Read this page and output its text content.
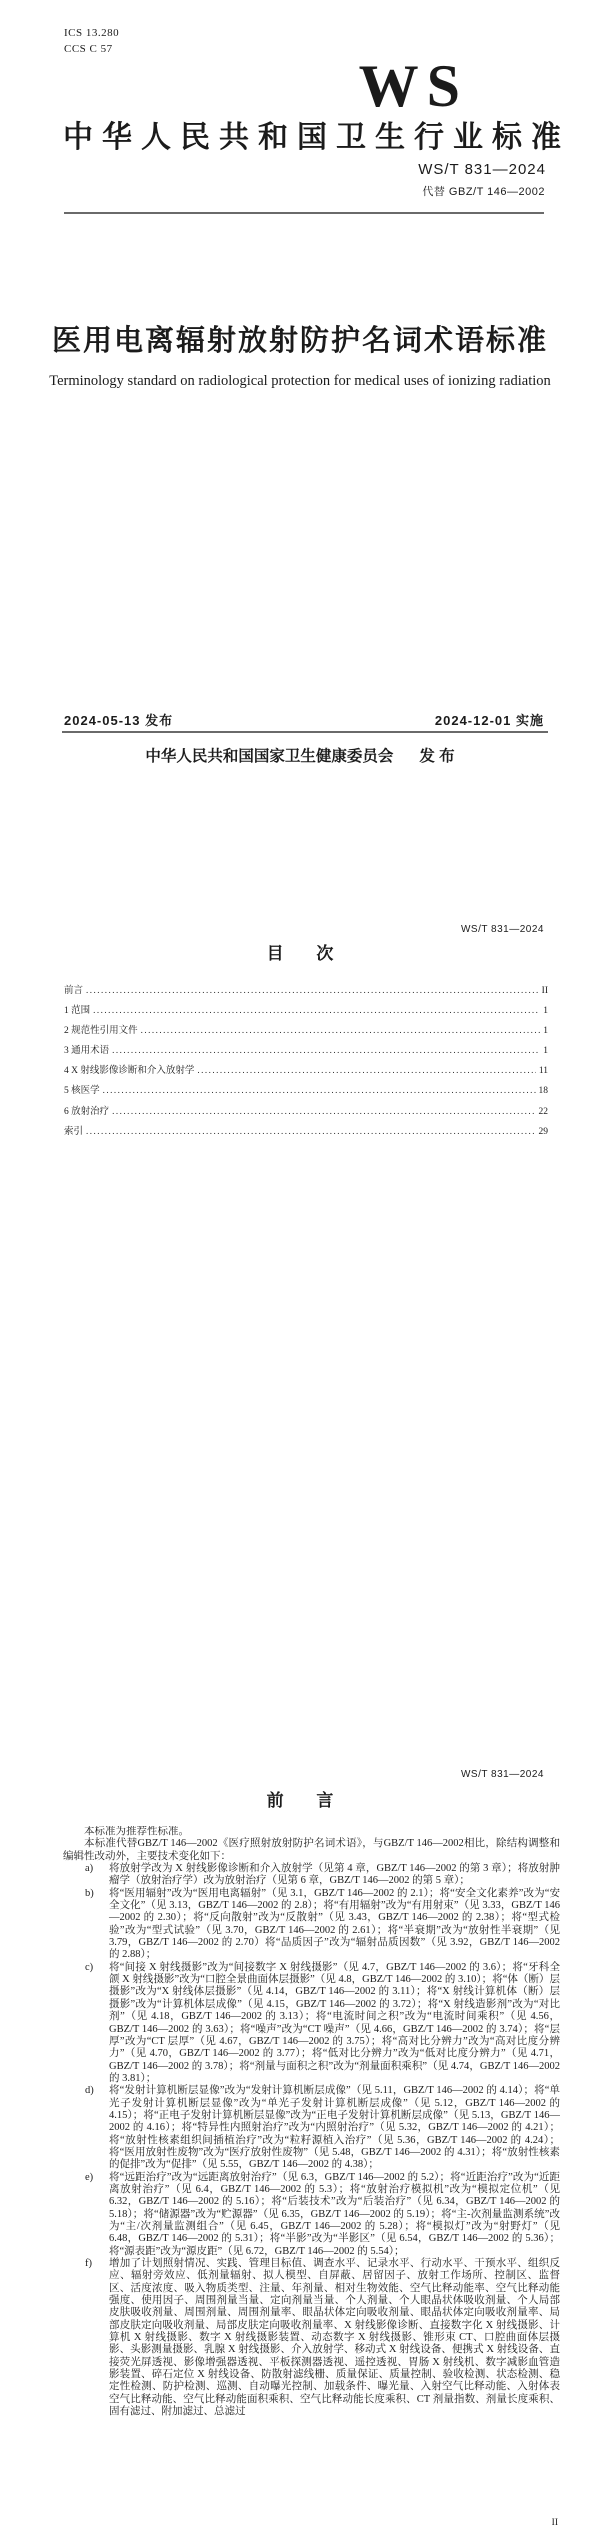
ICS 13.280
CCS C 57
WS
中华人民共和国卫生行业标准
WS/T 831—2024
代替 GBZ/T 146—2002
医用电离辐射放射防护名词术语标准
Terminology standard on radiological protection for medical uses of ionizing radiation
2024-05-13 发布	2024-12-01 实施
中华人民共和国国家卫生健康委员会 发 布
WS/T 831—2024
目 次
前言 .....	II
1 范围 .....	1
2 规范性引用文件 .....	1
3 通用术语 .....	1
4 X 射线影像诊断和介入放射学 .....	11
5 核医学 .....	18
6 放射治疗 .....	22
索引 .....	29
WS/T 831—2024
前 言

本标准为推荐性标准。

本标准代替GBZ/T 146—2002《医疗照射放射防护名词术语》，与GBZ/T 146—2002相比，除结构调整和编辑性改动外，主要技术变化如下：

a)	将放射学改为 X 射线影像诊断和介入放射学（见第 4 章，GBZ/T 146—2002 的第 3 章）；将放射肿瘤学（放射治疗学）改为放射治疗（见第 6 章，GBZ/T 146—2002 的第 5 章）；
b)	将“医用辐射”改为“医用电离辐射”（见 3.1，GBZ/T 146—2002 的 2.1）；将“安全文化素养”改为“安全文化”（见 3.13，GBZ/T 146—2002 的 2.8）；将“有用辐射”改为“有用射束”（见 3.33，GBZ/T 146—2002 的 2.30）；将“反向散射”改为“反散射”（见 3.43，GBZ/T 146—2002 的 2.38）；将“型式检验”改为“型式试验”（见 3.70，GBZ/T 146—2002 的 2.61）；将“半衰期”改为“放射性半衰期”（见 3.79，GBZ/T 146—2002 的 2.70）将“品质因子”改为“辐射品质因数”（见 3.92，GBZ/T 146—2002 的 2.88）；
c)	将“间接 X 射线摄影”改为“间接数字 X 射线摄影”（见 4.7，GBZ/T 146—2002 的 3.6）；将“牙科全颌 X 射线摄影”改为“口腔全景曲面体层摄影”（见 4.8，GBZ/T 146—2002 的 3.10）；将“体（断）层摄影”改为“X 射线体层摄影”（见 4.14，GBZ/T 146—2002 的 3.11）；将“X 射线计算机体（断）层摄影”改为“计算机体层成像”（见 4.15，GBZ/T 146—2002 的 3.72）；将“X 射线造影剂”改为“对比剂”（见 4.18，GBZ/T 146—2002 的 3.13）；将“电流时间之积”改为“电流时间乘积”（见 4.56，GBZ/T 146—2002 的 3.63）；将“噪声”改为“CT 噪声”（见 4.66，GBZ/T 146—2002 的 3.74）；将“层厚”改为“CT 层厚”（见 4.67，GBZ/T 146—2002 的 3.75）；将“高对比分辨力”改为“高对比度分辨力”（见 4.70，GBZ/T 146—2002 的 3.77）；将“低对比分辨力”改为“低对比度分辨力”（见 4.71，GBZ/T 146—2002 的 3.78）；将“剂量与面积之积”改为“剂量面积乘积”（见 4.74，GBZ/T 146—2002 的 3.81）；
d)	将“发射计算机断层显像”改为“发射计算机断层成像”（见 5.11，GBZ/T 146—2002 的 4.14）；将“单光子发射计算机断层显像”改为“单光子发射计算机断层成像”（见 5.12，GBZ/T 146—2002 的 4.15）；将“正电子发射计算机断层显像”改为“正电子发射计算机断层成像”（见 5.13，GBZ/T 146—2002 的 4.16）；将“特异性内照射治疗”改为“内照射治疗”（见 5.32，GBZ/T 146—2002 的 4.21）；将“放射性核素组织间插植治疗”改为“粒籽源植入治疗”（见 5.36，GBZ/T 146—2002 的 4.24）；将“医用放射性废物”改为“医疗放射性废物”（见 5.48，GBZ/T 146—2002 的 4.31）；将“放射性核素的促排”改为“促排”（见 5.55，GBZ/T 146—2002 的 4.38）；
e)	将“远距治疗”改为“远距离放射治疗”（见 6.3，GBZ/T 146—2002 的 5.2）；将“近距治疗”改为“近距离放射治疗”（见 6.4，GBZ/T 146—2002 的 5.3）；将“放射治疗模拟机”改为“模拟定位机”（见 6.32，GBZ/T 146—2002 的 5.16）；将“后装技术”改为“后装治疗”（见 6.34，GBZ/T 146—2002 的 5.18）；将“储源器”改为“贮源器”（见 6.35，GBZ/T 146—2002 的 5.19）；将“主-次剂量监测系统”改为“主/次剂量监测组合”（见 6.45，GBZ/T 146—2002 的 5.28）；将“模拟灯”改为“射野灯”（见 6.48，GBZ/T 146—2002 的 5.31）；将“半影”改为“半影区”（见 6.54，GBZ/T 146—2002 的 5.36）；将“源表距”改为“源皮距”（见 6.72，GBZ/T 146—2002 的 5.54）；
f)	增加了计划照射情况、实践、管理目标值、调查水平、记录水平、行动水平、干预水平、组织反应、辐射旁效应、低剂量辐射、拟人模型、自屏蔽、居留因子、放射工作场所、控制区、监督区、活度浓度、吸入物质类型、注量、年剂量、相对生物效能、空气比释动能率、空气比释动能强度、使用因子、周围剂量当量、定向剂量当量、个人剂量、个人眼晶状体吸收剂量、个人局部皮肤吸收剂量、周围剂量、周围剂量率、眼晶状体定向吸收剂量、眼晶状体定向吸收剂量率、局部皮肤定向吸收剂量、局部皮肤定向吸收剂量率、X 射线影像诊断、直接数字化 X 射线摄影、计算机 X 射线摄影、数字 X 射线摄影装置、动态数字 X 射线摄影、锥形束 CT、口腔曲面体层摄影、头影测量摄影、乳腺 X 射线摄影、介入放射学、移动式 X 射线设备、便携式 X 射线设备、直接荧光屏透视、影像增强器透视、平板探测器透视、遥控透视、胃肠 X 射线机、数字减影血管造影装置、碎石定位 X 射线设备、防散射滤线栅、质量保证、质量控制、验收检测、状态检测、稳定性检测、防护检测、巡测、自动曝光控制、加载条件、曝光量、入射空气比释动能、入射体表空气比释动能、空气比释动能面积乘积、空气比释动能长度乘积、CT 剂量指数、剂量长度乘积、固有滤过、附加滤过、总滤过
II
